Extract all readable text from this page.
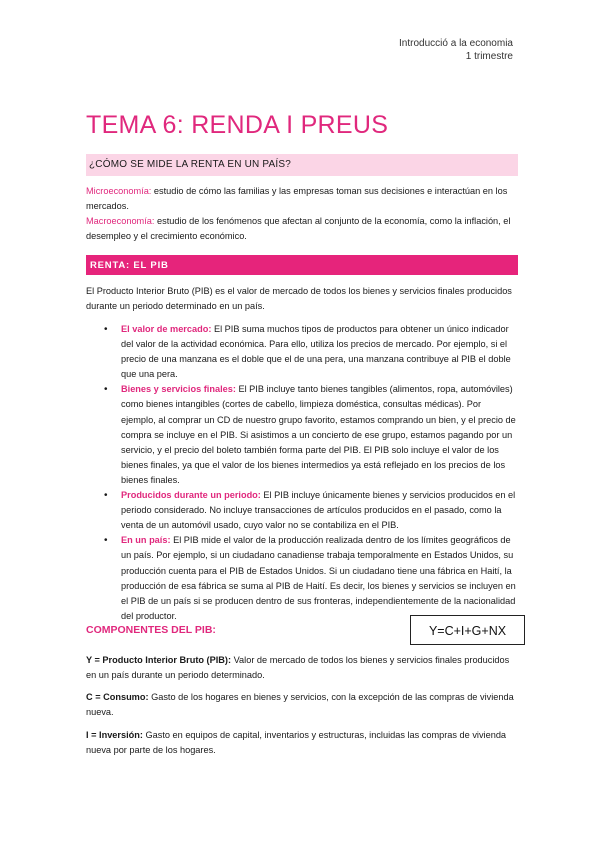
Introducció a la economia
1 trimestre
TEMA 6: RENDA I PREUS
¿CÓMO SE MIDE LA RENTA EN UN PAÍS?

Microeconomía: estudio de cómo las familias y las empresas toman sus decisiones e interactúan en los mercados.

Macroeconomía: estudio de los fenómenos que afectan al conjunto de la economía, como la inflación, el desempleo y el crecimiento económico.

RENTA: EL PIB

El Producto Interior Bruto (PIB) es el valor de mercado de todos los bienes y servicios finales producidos durante un periodo determinado en un país.

• El valor de mercado: El PIB suma muchos tipos de productos para obtener un único indicador del valor de la actividad económica. Para ello, utiliza los precios de mercado. Por ejemplo, si el precio de una manzana es el doble que el de una pera, una manzana contribuye al PIB el doble que una pera.
• Bienes y servicios finales: El PIB incluye tanto bienes tangibles (alimentos, ropa, automóviles) como bienes intangibles (cortes de cabello, limpieza doméstica, consultas médicas). Por ejemplo, al comprar un CD de nuestro grupo favorito, estamos comprando un bien, y el precio de compra se incluye en el PIB. Si asistimos a un concierto de ese grupo, estamos pagando por un servicio, y el precio del boleto también forma parte del PIB. El PIB solo incluye el valor de los bienes finales, ya que el valor de los bienes intermedios ya está reflejado en los precios de los bienes finales.
• Producidos durante un periodo: El PIB incluye únicamente bienes y servicios producidos en el periodo considerado. No incluye transacciones de artículos producidos en el pasado, como la venta de un automóvil usado, cuyo valor no se contabiliza en el PIB.
• En un país: El PIB mide el valor de la producción realizada dentro de los límites geográficos de un país. Por ejemplo, si un ciudadano canadiense trabaja temporalmente en Estados Unidos, su producción cuenta para el PIB de Estados Unidos. Si un ciudadano tiene una fábrica en Haití, la producción de esa fábrica se suma al PIB de Haití. Es decir, los bienes y servicios se incluyen en el PIB de un país si se producen dentro de sus fronteras, independientemente de la nacionalidad del productor.
COMPONENTES DEL PIB:	Y=C+I+G+NX

Y = Producto Interior Bruto (PIB): Valor de mercado de todos los bienes y servicios finales producidos en un país durante un periodo determinado.

C = Consumo: Gasto de los hogares en bienes y servicios, con la excepción de las compras de vivienda nueva.

I = Inversión: Gasto en equipos de capital, inventarios y estructuras, incluidas las compras de vivienda nueva por parte de los hogares.
